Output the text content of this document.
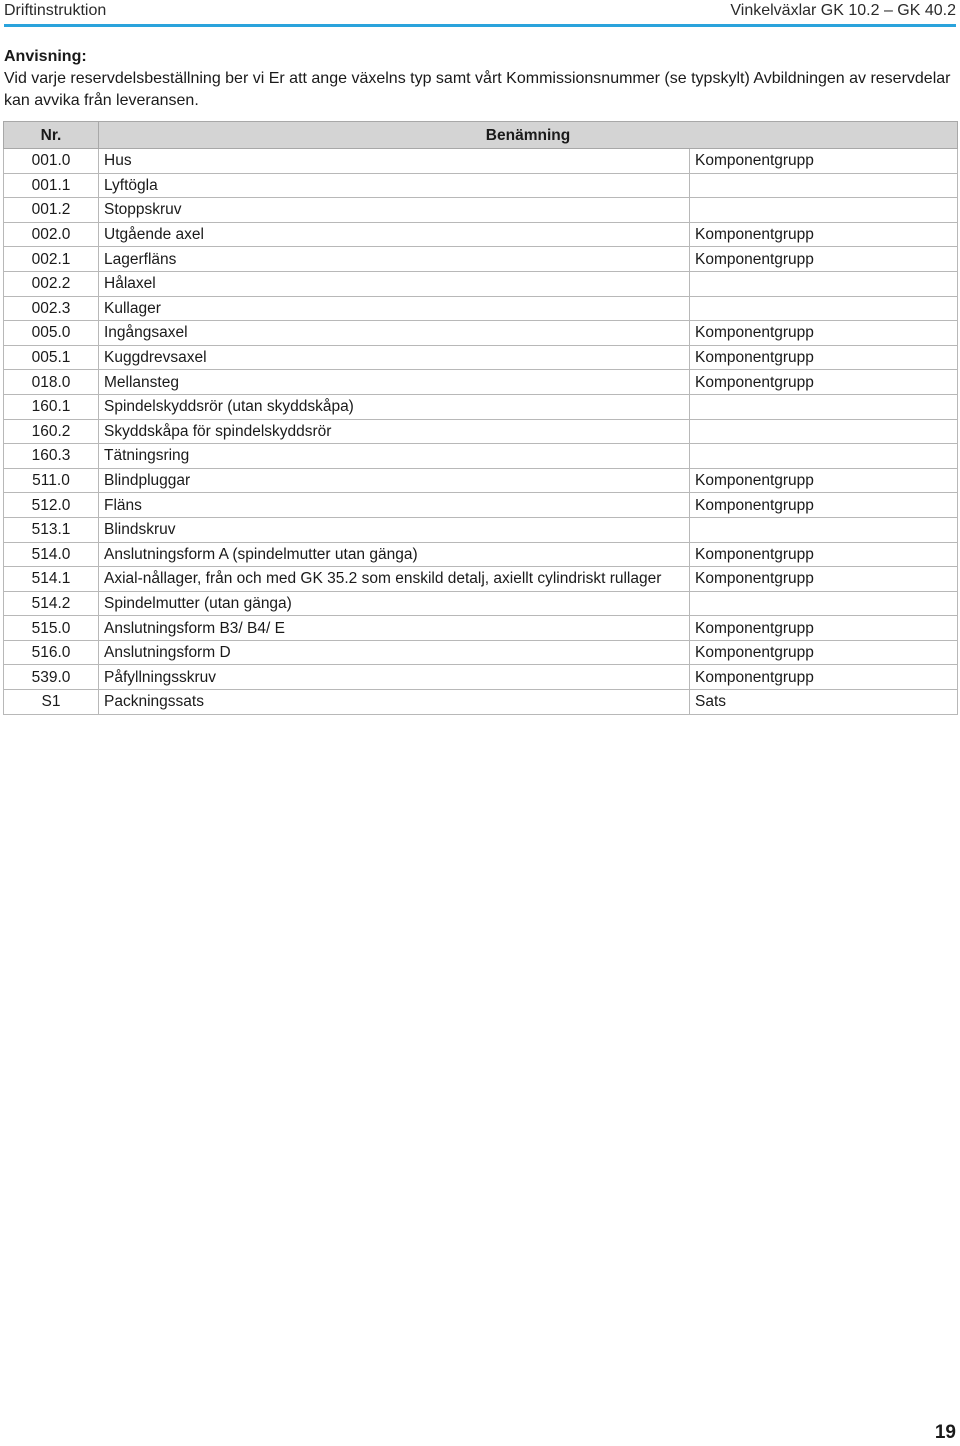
Driftinstruktion	Vinkelväxlar GK 10.2 – GK 40.2
Anvisning:

Vid varje reservdelsbeställning ber vi Er att ange växelns typ samt vårt Kommissionsnummer (se typskylt) Avbildningen av reservdelar kan avvika från leveransen.

Nr.	Benämning	
001.0	Hus	Komponentgrupp
001.1	Lyftögla	
001.2	Stoppskruv	
002.0	Utgående axel	Komponentgrupp
002.1	Lagerfläns	Komponentgrupp
002.2	Hålaxel	
002.3	Kullager	
005.0	Ingångsaxel	Komponentgrupp
005.1	Kuggdrevsaxel	Komponentgrupp
018.0	Mellansteg	Komponentgrupp
160.1	Spindelskyddsrör (utan skyddskåpa)	
160.2	Skyddskåpa för spindelskyddsrör	
160.3	Tätningsring	
511.0	Blindpluggar	Komponentgrupp
512.0	Fläns	Komponentgrupp
513.1	Blindskruv	
514.0	Anslutningsform A (spindelmutter utan gänga)	Komponentgrupp
514.1	Axial-nållager, från och med GK 35.2 som enskild detalj, axiellt cylindriskt rullager	Komponentgrupp
514.2	Spindelmutter (utan gänga)	
515.0	Anslutningsform B3/ B4/ E	Komponentgrupp
516.0	Anslutningsform D	Komponentgrupp
539.0	Påfyllningsskruv	Komponentgrupp
S1	Packningssats	Sats
19
